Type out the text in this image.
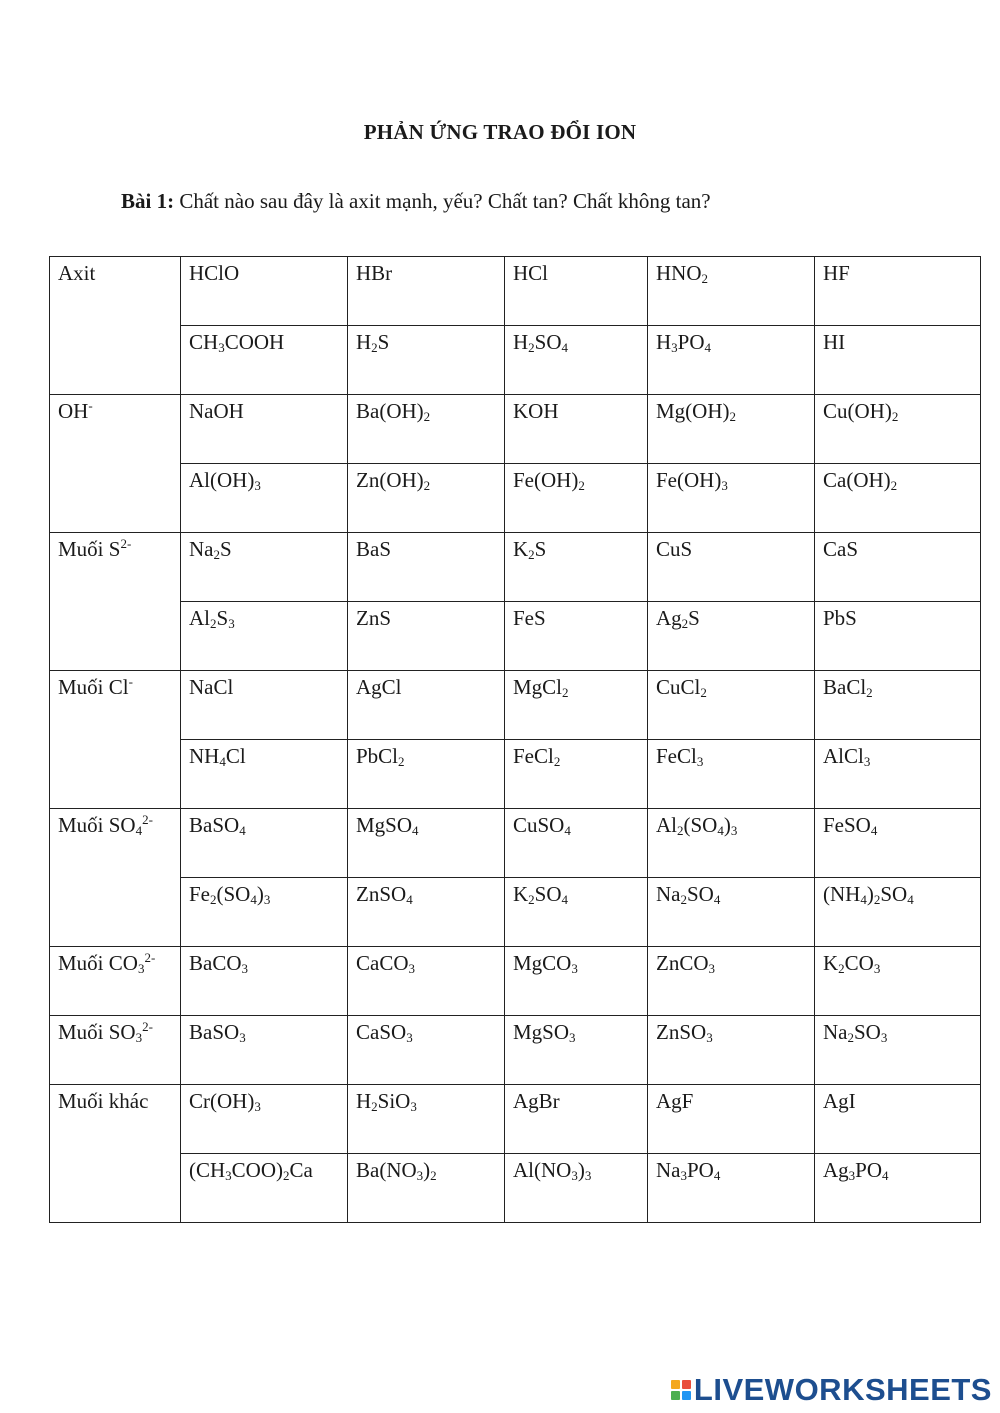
PHẢN ỨNG TRAO ĐỔI ION
Bài 1: Chất nào sau đây là axit mạnh, yếu? Chất tan? Chất không tan?
Axit	HClO	HBr	HCl	$HNO_2$	HF
	$CH_3COOH$	$H_2S$	$H_2SO_4$	$H_3PO_4$	HI
OH-	NaOH	$Ba(OH)_2$	KOH	$Mg(OH)_2$	$Cu(OH)_2$
	$Al(OH)_3$	$Zn(OH)_2$	$Fe(OH)_2$	$Fe(OH)_3$	$Ca(OH)_2$
Muối $S^{2-}$	$Na_2S$	BaS	$K_2S$	CuS	CaS
	$Al_2S_3$	ZnS	FeS	$Ag_2S$	PbS
Muối Cl-	NaCl	AgCl	MgCl$_2$	CuCl$_2$	BaCl$_2$
	$NH_4Cl$	PbCl$_2$	FeCl$_2$	FeCl$_3$	AlCl$_3$
Muối $SO_4^{2-}$	BaSO$_4$	MgSO$_4$	CuSO$_4$	$Al_2(SO_4)_3$	FeSO$_4$
	$Fe_2(SO_4)_3$	ZnSO$_4$	$K_2SO_4$	$Na_2SO_4$	$(NH_4)_2SO_4$
Muối $CO_3^{2-}$	BaCO$_3$	CaCO$_3$	MgCO$_3$	ZnCO$_3$	$K_2CO_3$
Muối $SO_3^{2-}$	BaSO$_3$	CaSO$_3$	MgSO$_3$	ZnSO$_3$	$Na_2SO_3$
Muối khác	$Cr(OH)_3$	$H_2SiO_3$	AgBr	AgF	AgI
	$(CH_3COO)_2Ca$	$Ba(NO_3)_2$	$Al(NO_3)_3$	$Na_3PO_4$	$Ag_3PO_4$
LIVEWORKSHEETS
